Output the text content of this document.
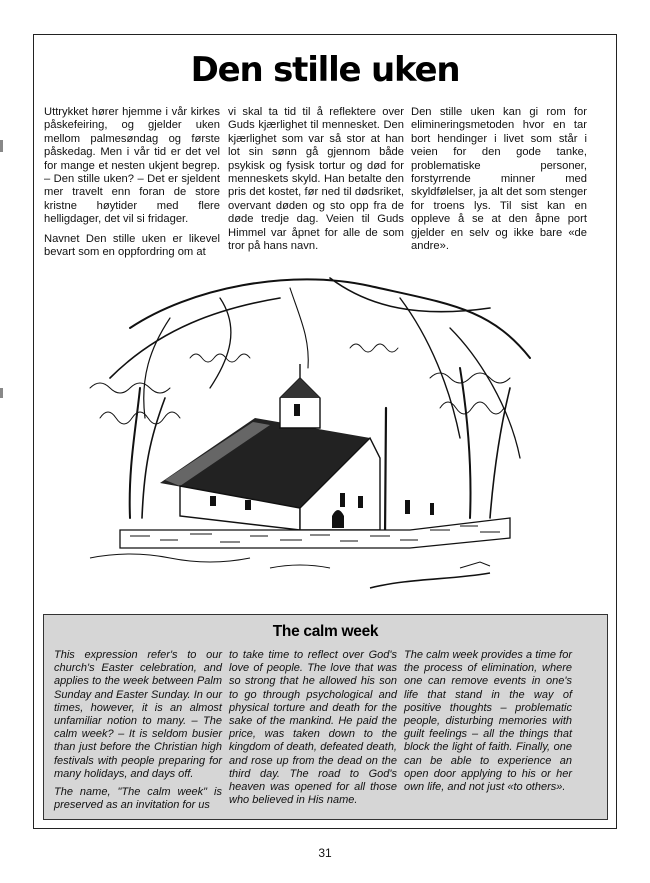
Den stille uken

Uttrykket hører hjemme i vår kirkes påskefeiring, og gjelder uken mellom palmesøndag og første påskedag. Men i vår tid er det vel for mange et nesten ukjent begrep. – Den stille uken? – Det er sjeldent mer travelt enn foran de store kristne høytider med flere helligdager, det vil si fridager.

Navnet Den stille uken er likevel bevart som en oppfordring om at

vi skal ta tid til å reflektere over Guds kjærlighet til mennesket. Den kjærlighet som var så stor at han lot sin sønn gå gjennom både psykisk og fysisk tortur og død for menneskets skyld. Han betalte den pris det kostet, før ned til dødsriket, overvant døden og sto opp fra de døde tredje dag. Veien til Guds Himmel var åpnet for alle de som tror på hans navn.

Den stille uken kan gi rom for elimineringsmetoden hvor en tar bort hendinger i livet som står i veien for den gode tanke, problematiske personer, forstyrrende minner med skyldfølelser, ja alt det som stenger for troens lys. Til sist kan en oppleve å se at den åpne port gjelder en selv og ikke bare «de andre».

The calm week

This expression refer's to our church's Easter celebration, and applies to the week between Palm Sunday and Easter Sunday. In our times, however, it is an almost unfamiliar notion to many. – The calm week? – It is seldom busier than just before the Christian high festivals with people preparing for many holidays, and days off.

The name, "The calm week" is preserved as an invitation for us

to take time to reflect over God's love of people. The love that was so strong that he allowed his son to go through psychological and physical torture and death for the sake of the mankind. He paid the price, was taken down to the kingdom of death, defeated death, and rose up from the dead on the third day. The road to God's heaven was opened for all those who believed in His name.

The calm week provides a time for the process of elimination, where one can remove events in one's life that stand in the way of positive thoughts – problematic people, disturbing memories with guilt feelings – all the things that block the light of faith. Finally, one can be able to experience an open door applying to his or her own life, and not just «to others».

31
